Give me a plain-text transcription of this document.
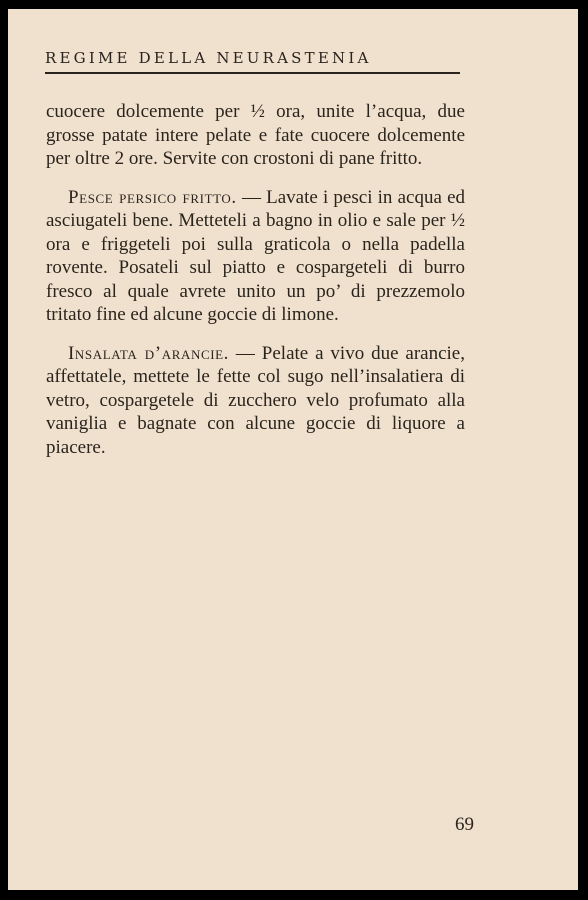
REGIME DELLA NEURASTENIA

cuocere dolcemente per ½ ora, unite l’acqua, due grosse patate intere pelate e fate cuocere dolcemente per oltre 2 ore. Servite con crostoni di pane fritto.

Pesce persico fritto. — Lavate i pesci in acqua ed asciugateli bene. Metteteli a bagno in olio e sale per ½ ora e friggeteli poi sulla graticola o nella padella rovente. Posateli sul piatto e cospargeteli di burro fresco al quale avrete unito un po’ di prezzemolo tritato fine ed alcune goccie di limone.

Insalata d’arancie. — Pelate a vivo due arancie, affettatele, mettete le fette col sugo nell’insalatiera di vetro, cospargetele di zucchero velo profumato alla vaniglia e bagnate con alcune goccie di liquore a piacere.

69
